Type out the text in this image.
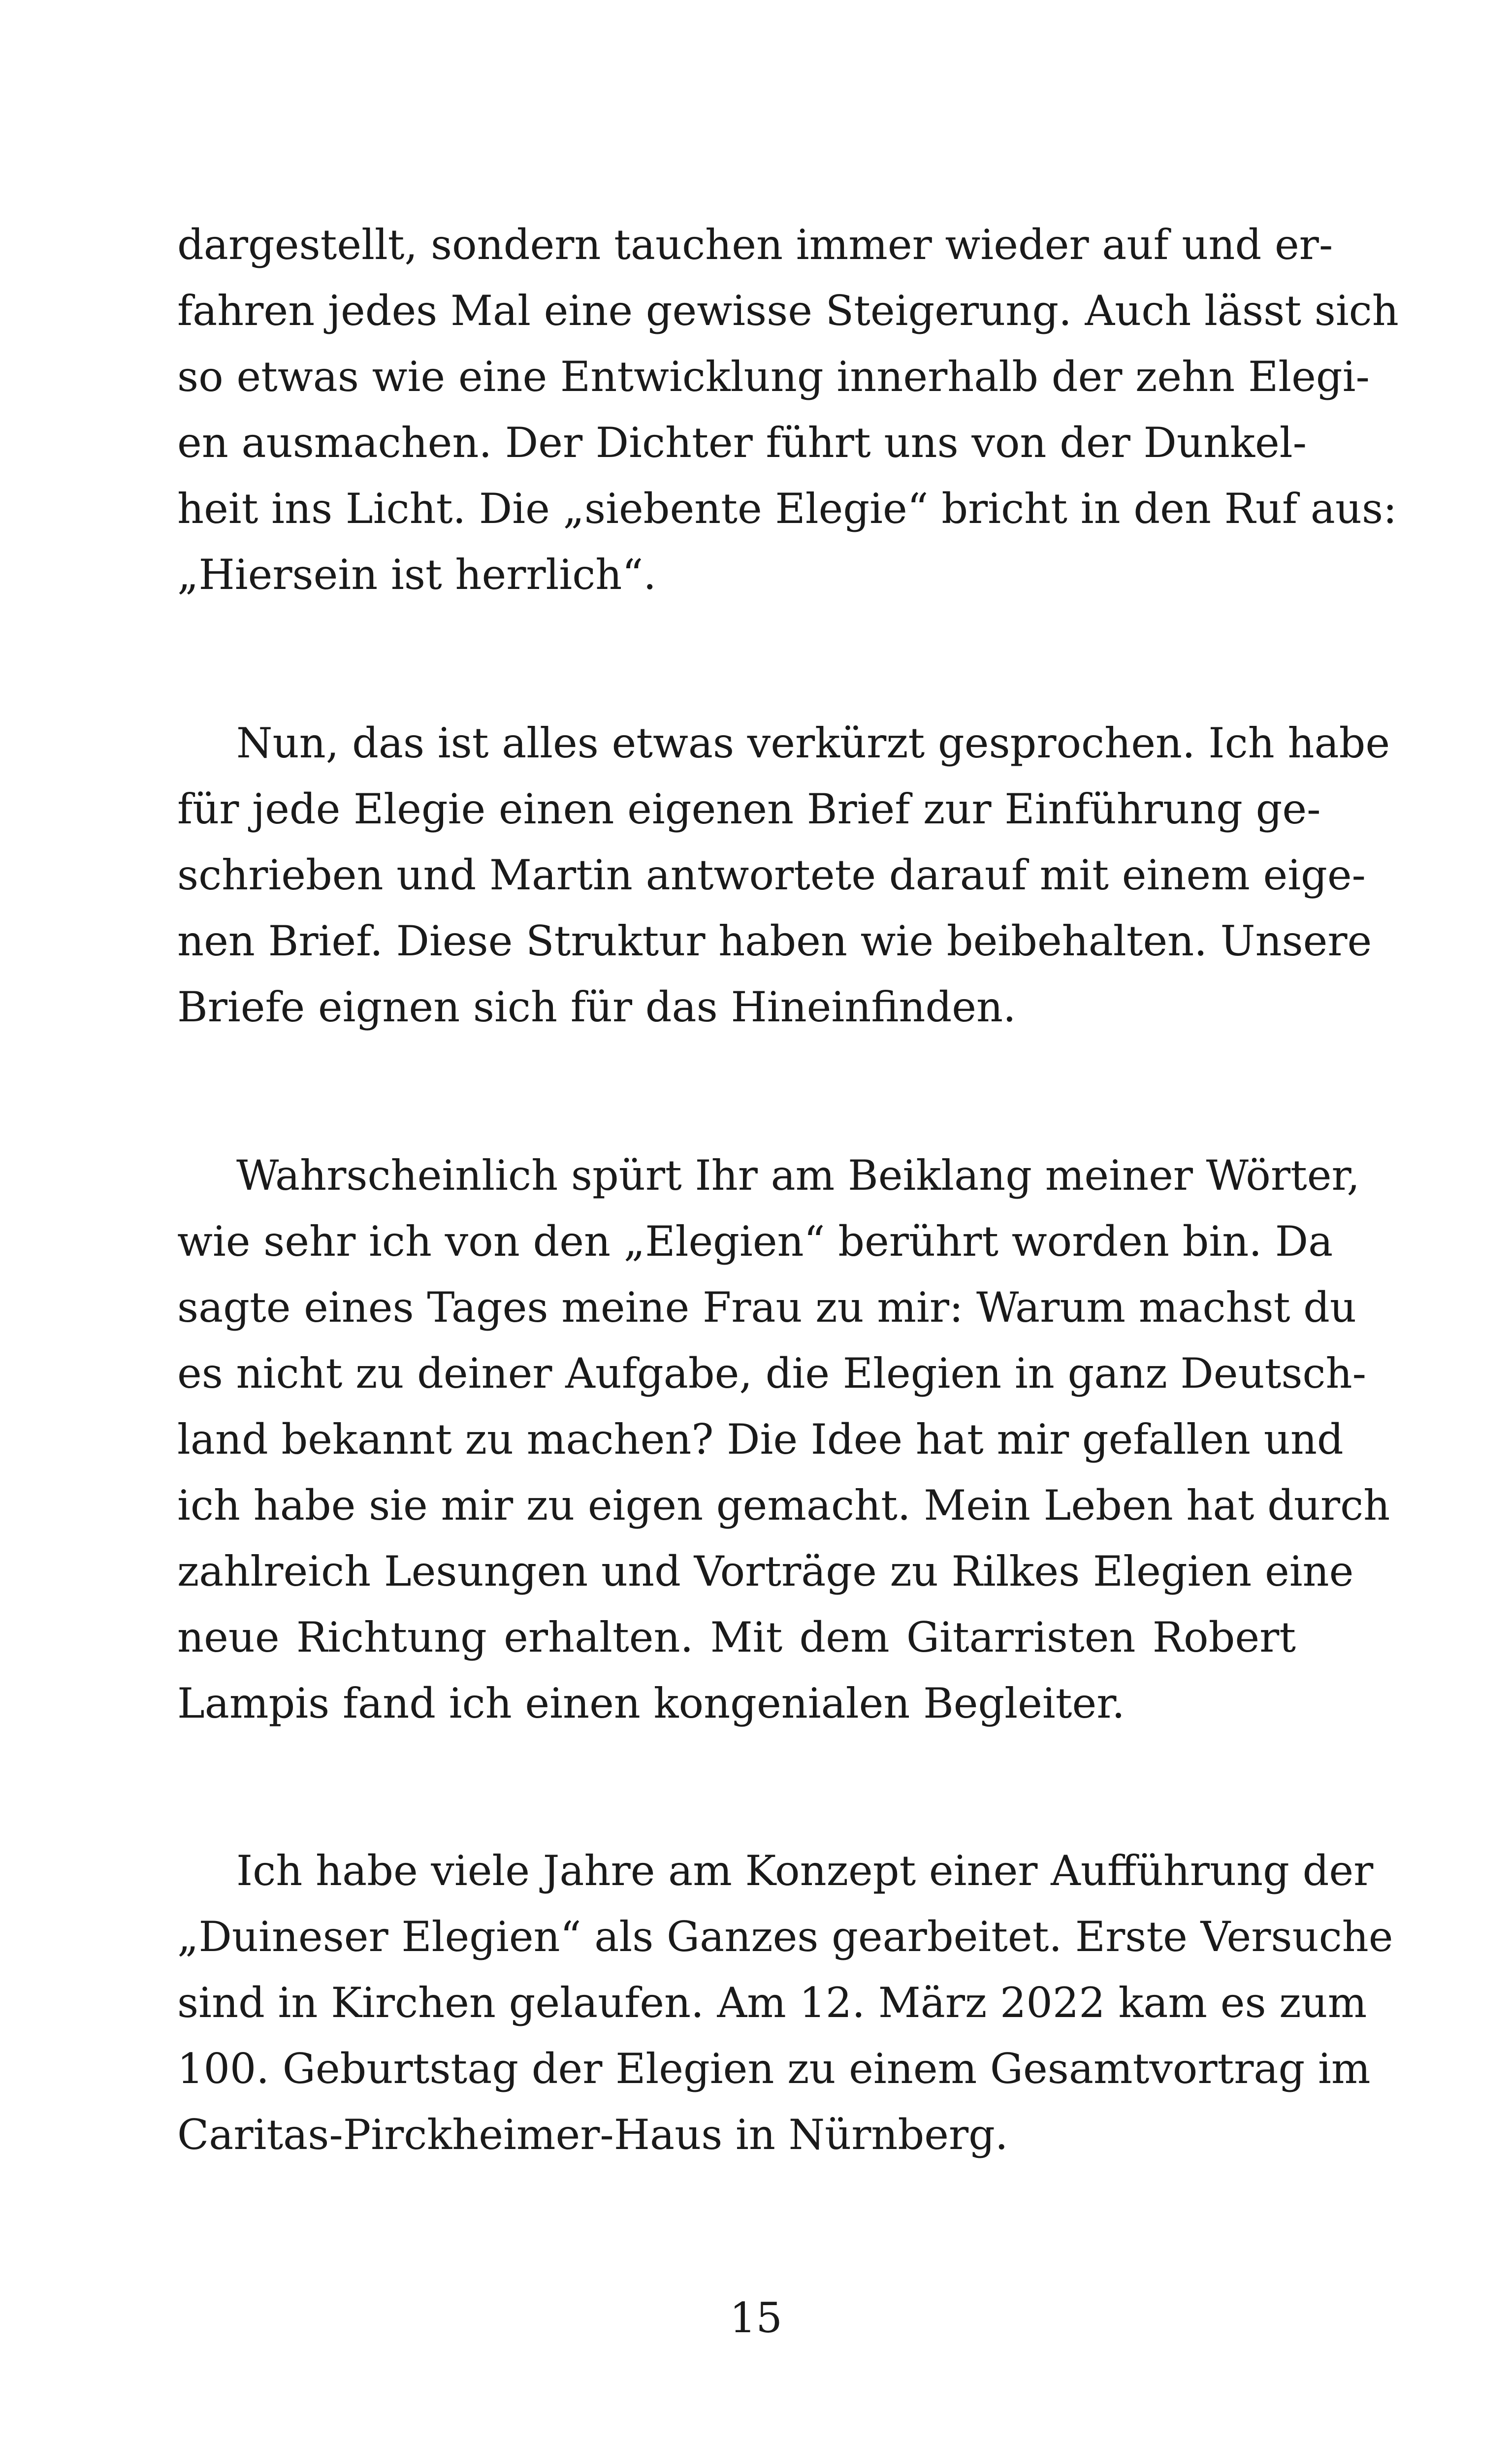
dargestellt, sondern tauchen immer wieder auf und er-
fahren jedes Mal eine gewisse Steigerung. Auch lässt sich
so etwas wie eine Entwicklung innerhalb der zehn Elegi-
en ausmachen. Der Dichter führt uns von der Dunkel-
heit ins Licht. Die „siebente Elegie“ bricht in den Ruf aus:
„Hiersein ist herrlich“.
Nun, das ist alles etwas verkürzt gesprochen. Ich habe
für jede Elegie einen eigenen Brief zur Einführung ge-
schrieben und Martin antwortete darauf mit einem eige-
nen Brief. Diese Struktur haben wie beibehalten. Unsere
Briefe eignen sich für das Hineinfinden.
Wahrscheinlich spürt Ihr am Beiklang meiner Wörter,
wie sehr ich von den „Elegien“ berührt worden bin. Da
sagte eines Tages meine Frau zu mir: Warum machst du
es nicht zu deiner Aufgabe, die Elegien in ganz Deutsch-
land bekannt zu machen? Die Idee hat mir gefallen und
ich habe sie mir zu eigen gemacht. Mein Leben hat durch
zahlreich Lesungen und Vorträge zu Rilkes Elegien eine
neue Richtung erhalten. Mit dem Gitarristen Robert
Lampis fand ich einen kongenialen Begleiter.
Ich habe viele Jahre am Konzept einer Aufführung der
„Duineser Elegien“ als Ganzes gearbeitet. Erste Versuche
sind in Kirchen gelaufen. Am 12. März 2022 kam es zum
100. Geburtstag der Elegien zu einem Gesamtvortrag im
Caritas-Pirckheimer-Haus in Nürnberg.
15
